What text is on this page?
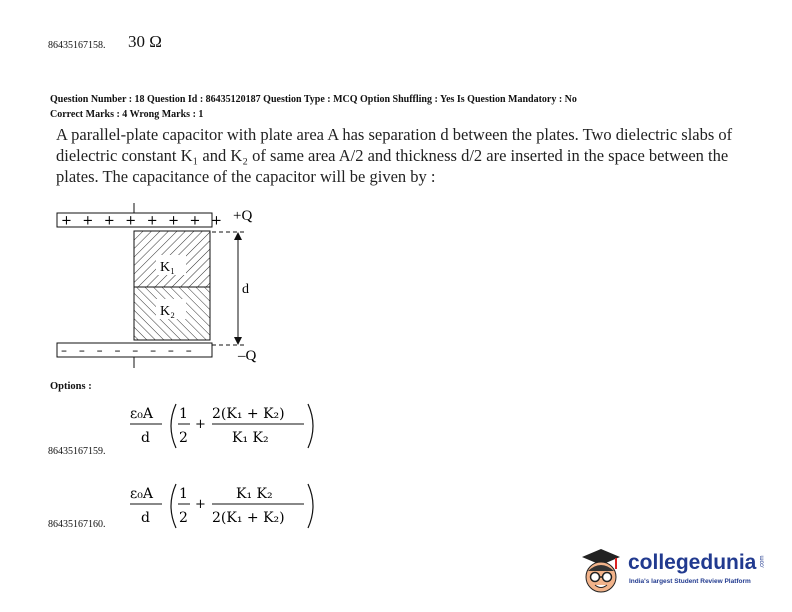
86435167158. 30 Ω
Question Number : 18 Question Id : 86435120187 Question Type : MCQ Option Shuffling : Yes Is Question Mandatory : No
Correct Marks : 4 Wrong Marks : 1
A parallel-plate capacitor with plate area A has separation d between the plates. Two dielectric slabs of dielectric constant K₁ and K₂ of same area A/2 and thickness d/2 are inserted in the space between the plates. The capacitance of the capacitor will be given by :
+ + + + + + + +
K₁
K₂
– – – – – – – –
d
+Q
–Q
Options :
86435167159.
ε₀A
d
1
2
+
2(K₁ + K₂)
K₁ K₂
86435167160.
ε₀A
d
1
2
+
K₁ K₂
2(K₁ + K₂)
collegedunia .com
India's largest Student Review Platform
